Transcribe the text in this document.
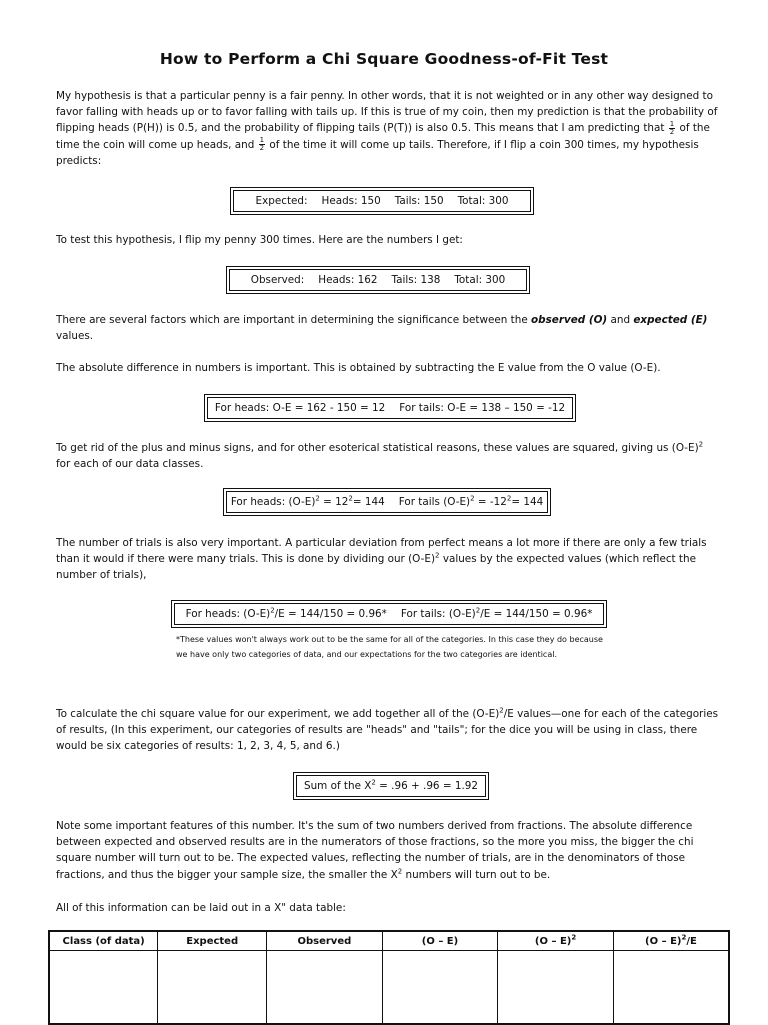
How to Perform a Chi Square Goodness-of-Fit Test
My hypothesis is that a particular penny is a fair penny. In other words, that it is not weighted or in any other way designed to favor falling with heads up or to favor falling with tails up. If this is true of my coin, then my prediction is that the probability of flipping heads (P(H)) is 0.5, and the probability of flipping tails (P(T)) is also 0.5. This means that I am predicting that $\frac{1}{2}$ of the time the coin will come up heads, and $\frac{1}{2}$ of the time it will come up tails. Therefore, if I flip a coin 300 times, my hypothesis predicts:
Expected: Heads: 150 Tails: 150 Total: 300
To test this hypothesis, I flip my penny 300 times. Here are the numbers I get:
Observed: Heads: 162 Tails: 138 Total: 300
There are several factors which are important in determining the significance between the observed (O) and expected (E) values.
The absolute difference in numbers is important. This is obtained by subtracting the E value from the O value (O-E).
For heads: O-E = 162 - 150 = 12 For tails: O-E = 138 – 150 = -12
To get rid of the plus and minus signs, and for other esoterical statistical reasons, these values are squared, giving us $(O-E)^2$ for each of our data classes.
For heads: $(O-E)^2 = 12^2= 144$ For tails $(O-E)^2 = -12^2= 144$
The number of trials is also very important. A particular deviation from perfect means a lot more if there are only a few trials than it would if there were many trials. This is done by dividing our $(O-E)^2$ values by the expected values (which reflect the number of trials),
For heads: $(O-E)^2/E = 144/150 = 0.96*$ For tails: $(O-E)^2/E = 144/150 = 0.96*$
*These values won't always work out to be the same for all of the categories. In this case they do because we have only two categories of data, and our expectations for the two categories are identical.
To calculate the chi square value for our experiment, we add together all of the $(O-E)^2/E$ values—one for each of the categories of results, (In this experiment, our categories of results are "heads" and "tails"; for the dice you will be using in class, there would be six categories of results: 1, 2, 3, 4, 5, and 6.)
Sum of the $X^2 = .96 + .96 = 1.92$
Note some important features of this number. It's the sum of two numbers derived from fractions. The absolute difference between expected and observed results are in the numerators of those fractions, so the more you miss, the bigger the chi square number will turn out to be. The expected values, reflecting the number of trials, are in the denominators of those fractions, and thus the bigger your sample size, the smaller the $X^2$ numbers will turn out to be.
All of this information can be laid out in a X" data table:
Class (of data)	Expected	Observed	(O – E)	(O – E)$^2$	(O – E)$^2$/E
